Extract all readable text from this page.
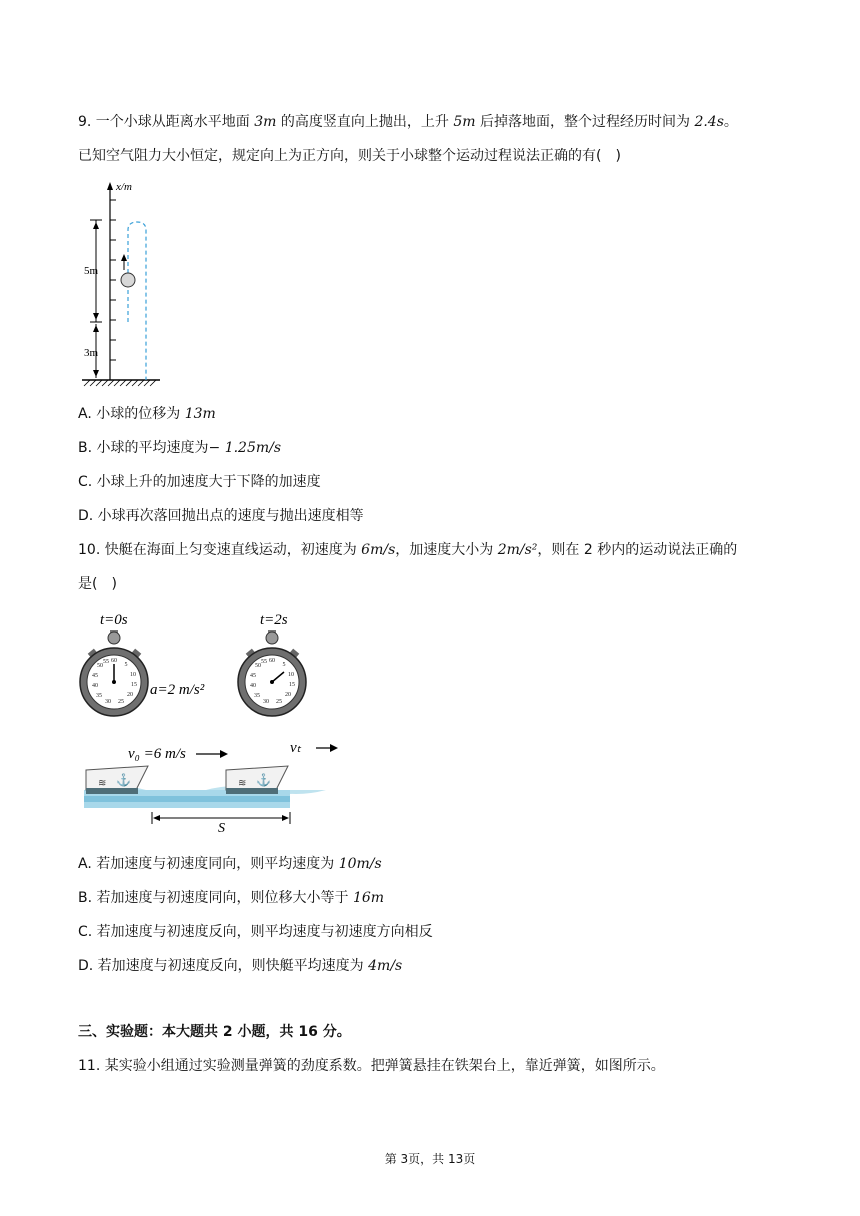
9. 一个小球从距离水平地面 3m 的高度竖直向上抛出，上升 5m 后掉落地面，整个过程经历时间为 2.4s。
已知空气阻力大小恒定，规定向上为正方向，则关于小球整个运动过程说法正确的有(　)
x/m
5m
3m
A. 小球的位移为 13m
B. 小球的平均速度为− 1.25m/s
C. 小球上升的加速度大于下降的加速度
D. 小球再次落回抛出点的速度与抛出速度相等
10. 快艇在海面上匀变速直线运动，初速度为 6m/s，加速度大小为 2m/s²，则在 2 秒内的运动说法正确的
是(　)
t=0s
60
5
10
15
20
25
30
35
40
45
50
55
a=2 m/s²
t=2s
60
5
10
15
20
25
30
35
40
45
50
55
v₀ =6 m/s	vₜ
⚓
≋	⚓
≋
S
A. 若加速度与初速度同向，则平均速度为 10m/s
B. 若加速度与初速度同向，则位移大小等于 16m
C. 若加速度与初速度反向，则平均速度与初速度方向相反
D. 若加速度与初速度反向，则快艇平均速度为 4m/s
三、实验题：本大题共 2 小题，共 16 分。
11. 某实验小组通过实验测量弹簧的劲度系数。把弹簧悬挂在铁架台上，靠近弹簧，如图所示。
第 3页，共 13页
